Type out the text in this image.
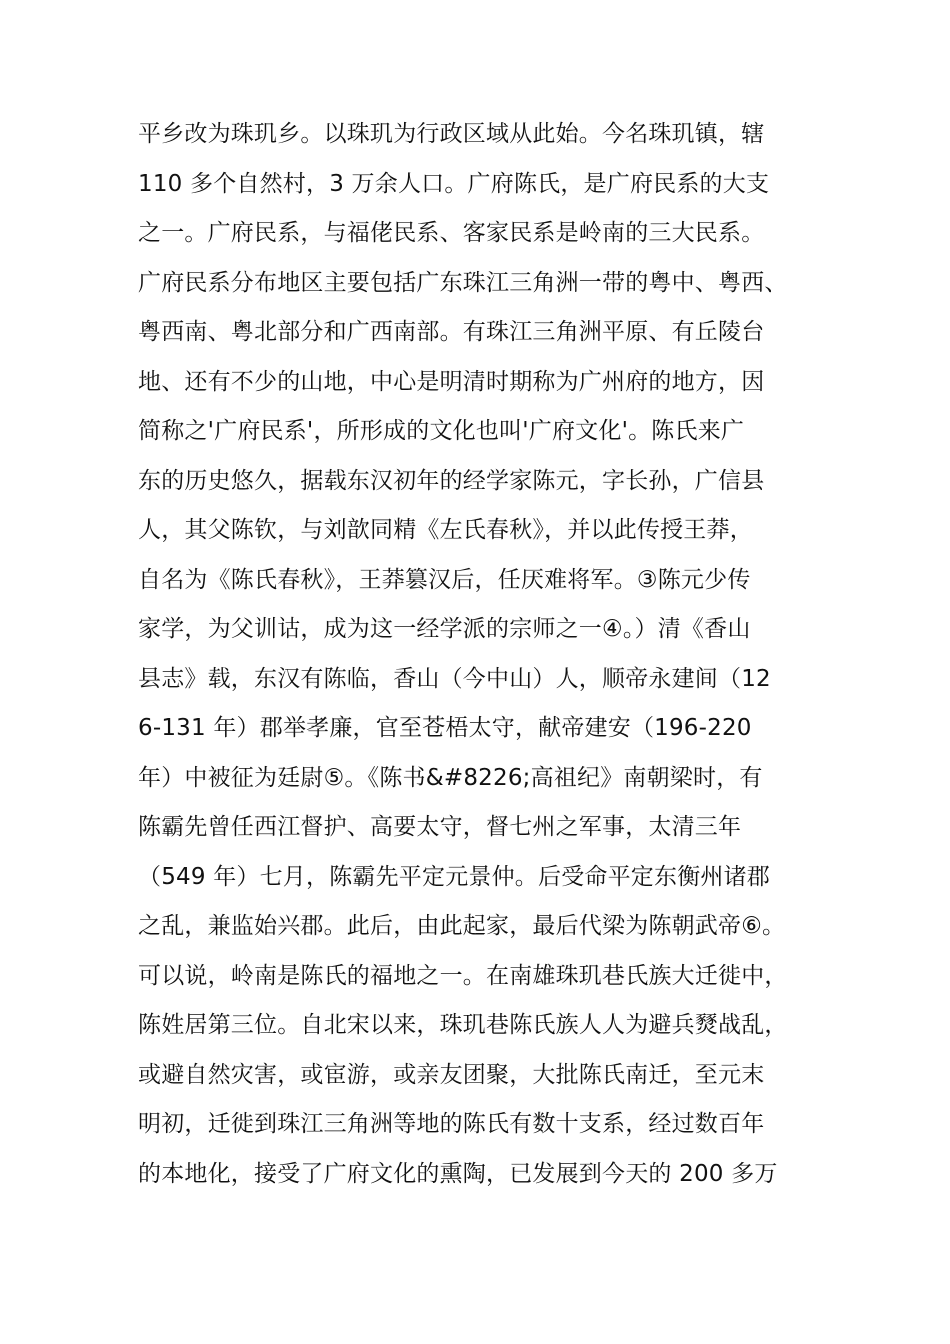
平乡改为珠玑乡。以珠玑为行政区域从此始。今名珠玑镇，辖
110 多个自然村，3 万余人口。广府陈氏，是广府民系的大支
之一。广府民系，与福佬民系、客家民系是岭南的三大民系。
广府民系分布地区主要包括广东珠江三角洲一带的粤中、粤西、
粤西南、粤北部分和广西南部。有珠江三角洲平原、有丘陵台
地、还有不少的山地，中心是明清时期称为广州府的地方，因
简称之'广府民系'，所形成的文化也叫'广府文化'。陈氏来广
东的历史悠久，据载东汉初年的经学家陈元，字长孙，广信县
人，其父陈钦，与刘歆同精《左氏春秋》，并以此传授王莽，
自名为《陈氏春秋》，王莽篡汉后，任厌难将军。③陈元少传
家学，为父训诂，成为这一经学派的宗师之一④。）清《香山
县志》载，东汉有陈临，香山（今中山）人，顺帝永建间（12
6-131 年）郡举孝廉，官至苍梧太守，献帝建安（196-220
年）中被征为廷尉⑤。《陈书&#8226;高祖纪》南朝梁时，有
陈霸先曾任西江督护、高要太守，督七州之军事，太清三年
（549 年）七月，陈霸先平定元景仲。后受命平定东衡州诸郡
之乱，兼监始兴郡。此后，由此起家，最后代梁为陈朝武帝⑥。
可以说，岭南是陈氏的福地之一。在南雄珠玑巷氏族大迁徙中，
陈姓居第三位。自北宋以来，珠玑巷陈氏族人人为避兵燹战乱，
或避自然灾害，或宦游，或亲友团聚，大批陈氏南迁，至元末
明初，迁徙到珠江三角洲等地的陈氏有数十支系，经过数百年
的本地化，接受了广府文化的熏陶，已发展到今天的 200 多万
